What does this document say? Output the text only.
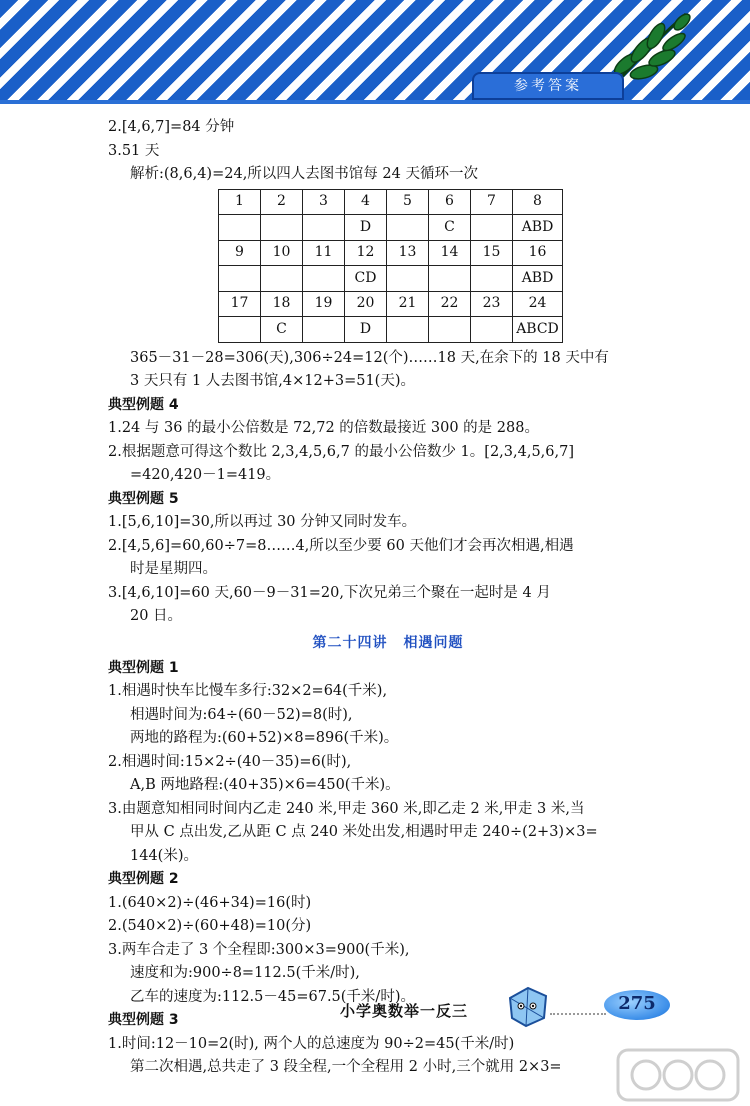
参考答案
2.[4,6,7]=84 分钟
3.51 天
解析:(8,6,4)=24,所以四人去图书馆每 24 天循环一次
1	2	3	4	5	6	7	8
			D		C		ABD
9	10	11	12	13	14	15	16
			CD				ABD
17	18	19	20	21	22	23	24
	C		D				ABCD
365－31－28=306(天),306÷24=12(个)……18 天,在余下的 18 天中有
3 天只有 1 人去图书馆,4×12+3=51(天)。
典型例题 4
1.24 与 36 的最小公倍数是 72,72 的倍数最接近 300 的是 288。
2.根据题意可得这个数比 2,3,4,5,6,7 的最小公倍数少 1。[2,3,4,5,6,7]
=420,420－1=419。
典型例题 5
1.[5,6,10]=30,所以再过 30 分钟又同时发车。
2.[4,5,6]=60,60÷7=8……4,所以至少要 60 天他们才会再次相遇,相遇
时是星期四。
3.[4,6,10]=60 天,60－9－31=20,下次兄弟三个聚在一起时是 4 月
20 日。
第二十四讲 相遇问题
典型例题 1
1.相遇时快车比慢车多行:32×2=64(千米),
相遇时间为:64÷(60－52)=8(时),
两地的路程为:(60+52)×8=896(千米)。
2.相遇时间:15×2÷(40－35)=6(时),
A,B 两地路程:(40+35)×6=450(千米)。
3.由题意知相同时间内乙走 240 米,甲走 360 米,即乙走 2 米,甲走 3 米,当
甲从 C 点出发,乙从距 C 点 240 米处出发,相遇时甲走 240÷(2+3)×3=
144(米)。
典型例题 2
1.(640×2)÷(46+34)=16(时)
2.(540×2)÷(60+48)=10(分)
3.两车合走了 3 个全程即:300×3=900(千米),
速度和为:900÷8=112.5(千米/时),
乙车的速度为:112.5－45=67.5(千米/时)。
典型例题 3
1.时间:12－10=2(时), 两个人的总速度为 90÷2=45(千米/时)
第二次相遇,总共走了 3 段全程,一个全程用 2 小时,三个就用 2×3=
小学奥数举一反三	275
